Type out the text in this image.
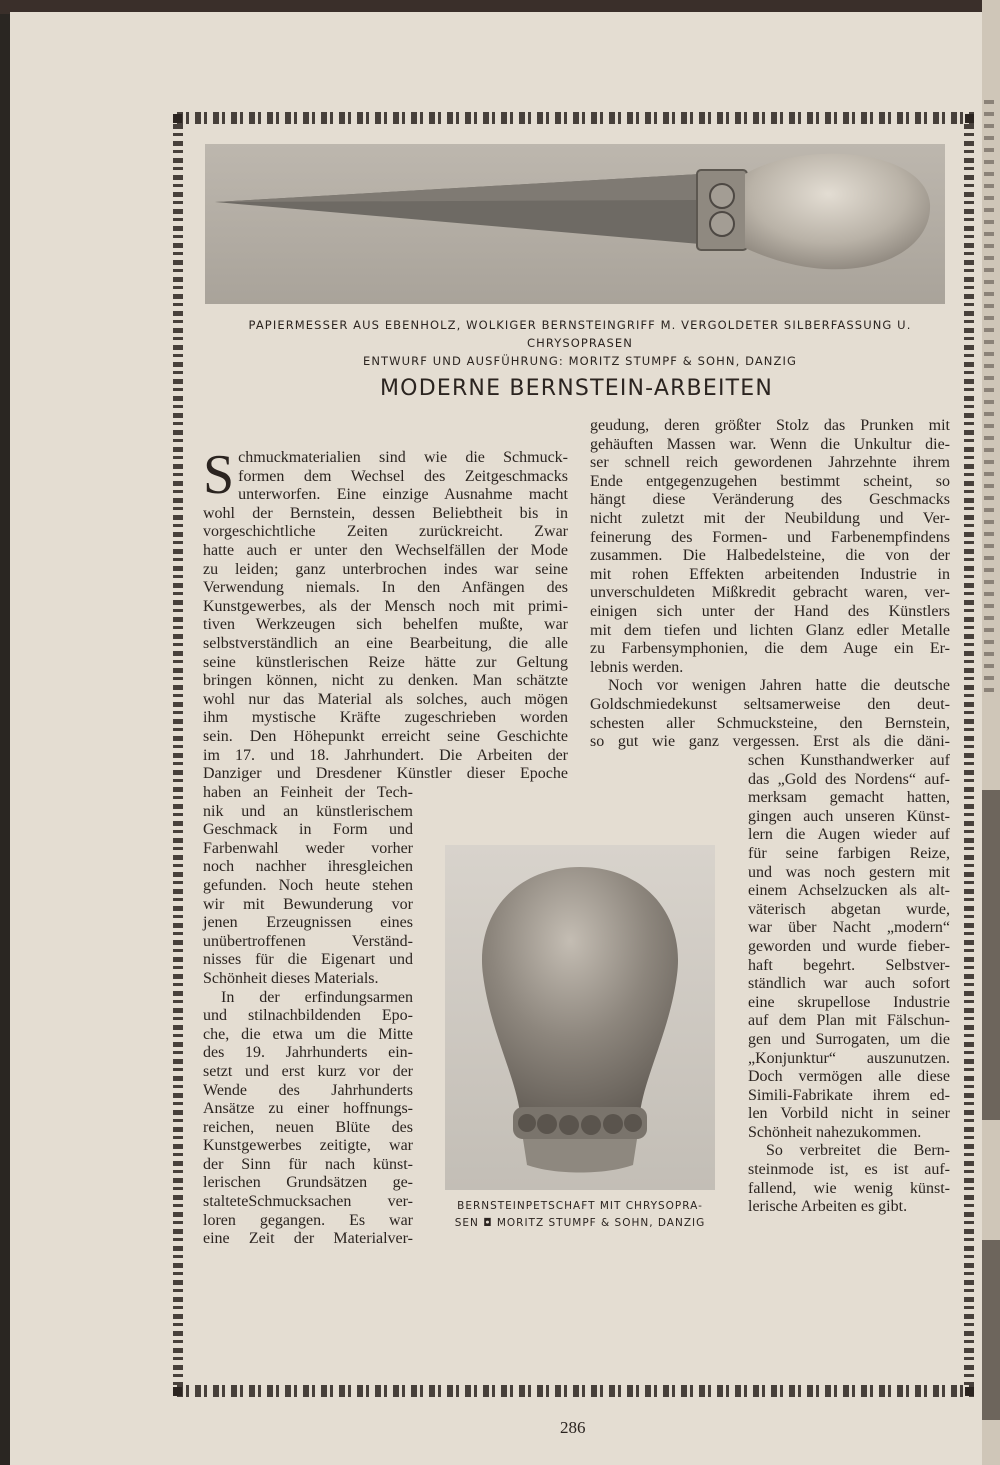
PAPIERMESSER AUS EBENHOLZ, WOLKIGER BERNSTEINGRIFF M. VERGOLDETER SILBERFASSUNG U. CHRYSOPRASEN
ENTWURF UND AUSFÜHRUNG: MORITZ STUMPF & SOHN, DANZIG
MODERNE BERNSTEIN-ARBEITEN
S chmuckmaterialien sind wie die Schmuck-
formen dem Wechsel des Zeitgeschmacks
unterworfen. Eine einzige Ausnahme macht
wohl der Bernstein, dessen Beliebtheit bis in
vorgeschichtliche Zeiten zurückreicht. Zwar
hatte auch er unter den Wechselfällen der Mode
zu leiden; ganz unterbrochen indes war seine
Verwendung niemals. In den Anfängen des
Kunstgewerbes, als der Mensch noch mit primi-
tiven Werkzeugen sich behelfen mußte, war
selbstverständlich an eine Bearbeitung, die alle
seine künstlerischen Reize hätte zur Geltung
bringen können, nicht zu denken. Man schätzte
wohl nur das Material als solches, auch mögen
ihm mystische Kräfte zugeschrieben worden
sein. Den Höhepunkt erreicht seine Geschichte
im 17. und 18. Jahrhundert. Die Arbeiten der
Danziger und Dresdener Künstler dieser Epoche
haben an Feinheit der Tech-
nik und an künstlerischem
Geschmack in Form und
Farbenwahl weder vorher
noch nachher ihresgleichen
gefunden. Noch heute stehen
wir mit Bewunderung vor
jenen Erzeugnissen eines
unübertroffenen Verständ-
nisses für die Eigenart und
Schönheit dieses Materials.
In der erfindungsarmen
und stilnachbildenden Epo-
che, die etwa um die Mitte
des 19. Jahrhunderts ein-
setzt und erst kurz vor der
Wende des Jahrhunderts
Ansätze zu einer hoffnungs-
reichen, neuen Blüte des
Kunstgewerbes zeitigte, war
der Sinn für nach künst-
lerischen Grundsätzen ge-
stalteteSchmucksachen ver-
loren gegangen. Es war
eine Zeit der Materialver-
geudung, deren größter Stolz das Prunken mit
gehäuften Massen war. Wenn die Unkultur die-
ser schnell reich gewordenen Jahrzehnte ihrem
Ende entgegenzugehen bestimmt scheint, so
hängt diese Veränderung des Geschmacks
nicht zuletzt mit der Neubildung und Ver-
feinerung des Formen- und Farbenempfindens
zusammen. Die Halbedelsteine, die von der
mit rohen Effekten arbeitenden Industrie in
unverschuldeten Mißkredit gebracht waren, ver-
einigen sich unter der Hand des Künstlers
mit dem tiefen und lichten Glanz edler Metalle
zu Farbensymphonien, die dem Auge ein Er-
lebnis werden.
Noch vor wenigen Jahren hatte die deutsche
Goldschmiedekunst seltsamerweise den deut-
schesten aller Schmucksteine, den Bernstein,
so gut wie ganz vergessen. Erst als die däni-
schen Kunsthandwerker auf
das „Gold des Nordens“ auf-
merksam gemacht hatten,
gingen auch unseren Künst-
lern die Augen wieder auf
für seine farbigen Reize,
und was noch gestern mit
einem Achselzucken als alt-
väterisch abgetan wurde,
war über Nacht „modern“
geworden und wurde fieber-
haft begehrt. Selbstver-
ständlich war auch sofort
eine skrupellose Industrie
auf dem Plan mit Fälschun-
gen und Surrogaten, um die
„Konjunktur“ auszunutzen.
Doch vermögen alle diese
Simili-Fabrikate ihrem ed-
len Vorbild nicht in seiner
Schönheit nahezukommen.
So verbreitet die Bern-
steinmode ist, es ist auf-
fallend, wie wenig künst-
lerische Arbeiten es gibt.
BERNSTEINPETSCHAFT MIT CHRYSOPRA-
SEN ◘ MORITZ STUMPF & SOHN, DANZIG
286
